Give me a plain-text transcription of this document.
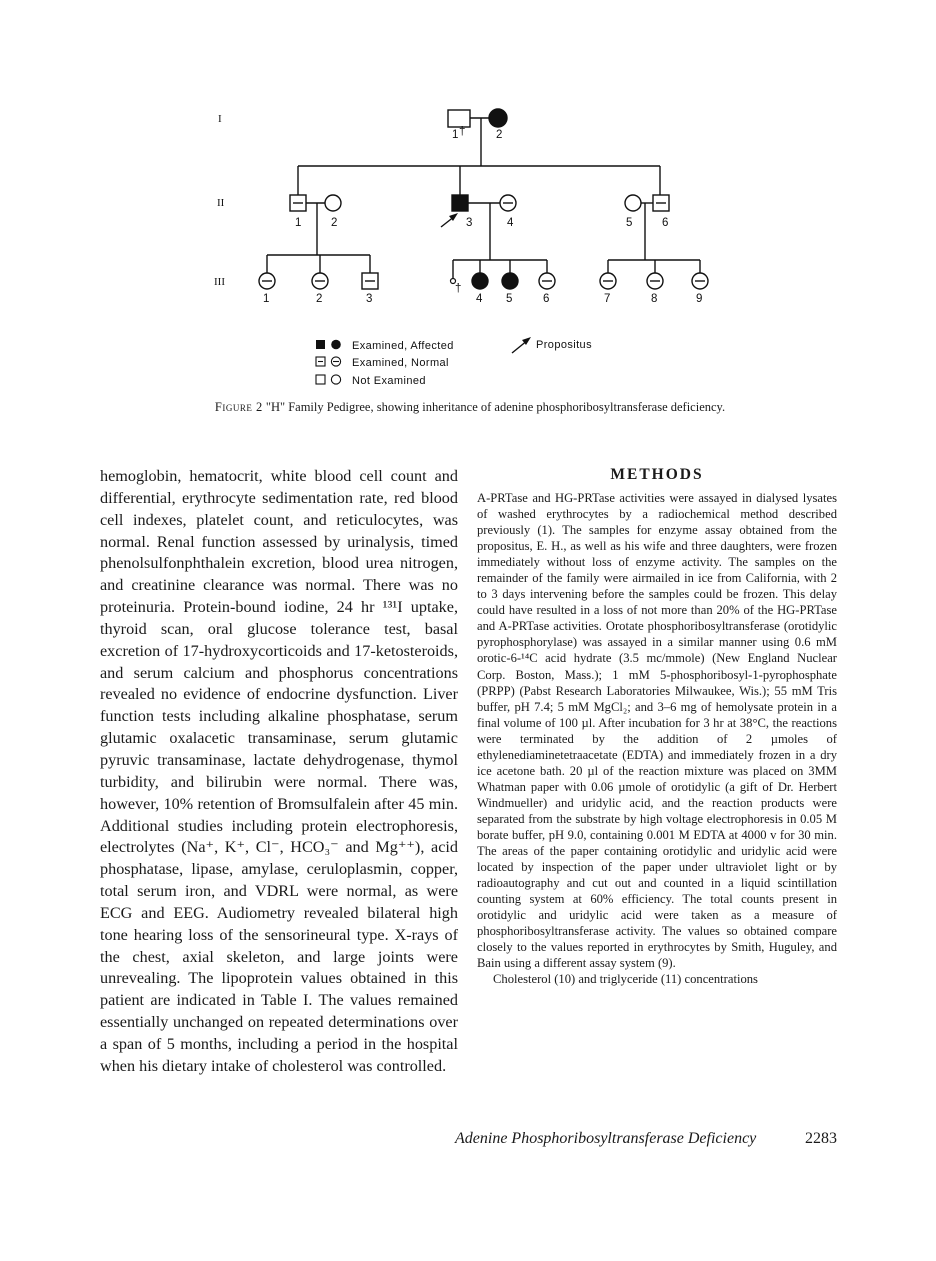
I
II
III
1 †	2
1	2	3	4	5	6
†
1	2	3	4 5	6	7	8	9
Examined, Affected
Examined, Normal
Not Examined
Propositus
Figure 2 "H" Family Pedigree, showing inheritance of adenine phosphoribosyltransferase deficiency.

hemoglobin, hematocrit, white blood cell count and differential, erythrocyte sedimentation rate, red blood cell indexes, platelet count, and reticulocytes, was normal. Renal function assessed by urinalysis, timed phenolsulfonphthalein excretion, blood urea nitrogen, and creatinine clearance was normal. There was no proteinuria. Protein-bound iodine, 24 hr ¹³¹I uptake, thyroid scan, oral glucose tolerance test, basal excretion of 17-hydroxycorticoids and 17-ketosteroids, and serum calcium and phosphorus concentrations revealed no evidence of endocrine dysfunction. Liver function tests including alkaline phosphatase, serum glutamic oxalacetic transaminase, serum glutamic pyruvic transaminase, lactate dehydrogenase, thymol turbidity, and bilirubin were normal. There was, however, 10% retention of Bromsulfalein after 45 min. Additional studies including protein electrophoresis, electrolytes (Na⁺, K⁺, Cl⁻, HCO₃⁻ and Mg⁺⁺), acid phosphatase, lipase, amylase, ceruloplasmin, copper, total serum iron, and VDRL were normal, as were ECG and EEG. Audiometry revealed bilateral high tone hearing loss of the sensorineural type. X-rays of the chest, axial skeleton, and large joints were unrevealing. The lipoprotein values obtained in this patient are indicated in Table I. The values remained essentially unchanged on repeated determinations over a span of 5 months, including a period in the hospital when his dietary intake of cholesterol was controlled.

METHODS

A-PRTase and HG-PRTase activities were assayed in dialysed lysates of washed erythrocytes by a radiochemical method described previously (1). The samples for enzyme assay obtained from the propositus, E. H., as well as his wife and three daughters, were frozen immediately without loss of enzyme activity. The samples on the remainder of the family were airmailed in ice from California, with 2 to 3 days intervening before the samples could be frozen. This delay could have resulted in a loss of not more than 20% of the HG-PRTase and A-PRTase activities. Orotate phosphoribosyltransferase (orotidylic pyrophosphorylase) was assayed in a similar manner using 0.6 mM orotic-6-¹⁴C acid hydrate (3.5 mc/mmole) (New England Nuclear Corp. Boston, Mass.); 1 mM 5-phosphoribosyl-1-pyrophosphate (PRPP) (Pabst Research Laboratories Milwaukee, Wis.); 55 mM Tris buffer, pH 7.4; 5 mM MgCl₂; and 3–6 mg of hemolysate protein in a final volume of 100 µl. After incubation for 3 hr at 38°C, the reactions were terminated by the addition of 2 µmoles of ethylenediaminetetraacetate (EDTA) and immediately frozen in a dry ice acetone bath. 20 µl of the reaction mixture was placed on 3MM Whatman paper with 0.06 µmole of orotidylic (a gift of Dr. Herbert Windmueller) and uridylic acid, and the reaction products were separated from the substrate by high voltage electrophoresis in 0.05 M borate buffer, pH 9.0, containing 0.001 M EDTA at 4000 v for 30 min. The areas of the paper containing orotidylic and uridylic acid were located by inspection of the paper under ultraviolet light or by radioautography and cut out and counted in a liquid scintillation counting system at 60% efficiency. The total counts present in orotidylic and uridylic acid were taken as a measure of phosphoribosyltransferase activity. The values so obtained compare closely to the values reported in erythrocytes by Smith, Huguley, and Bain using a different assay system (9).

Cholesterol (10) and triglyceride (11) concentrations

Adenine Phosphoribosyltransferase Deficiency	2283
